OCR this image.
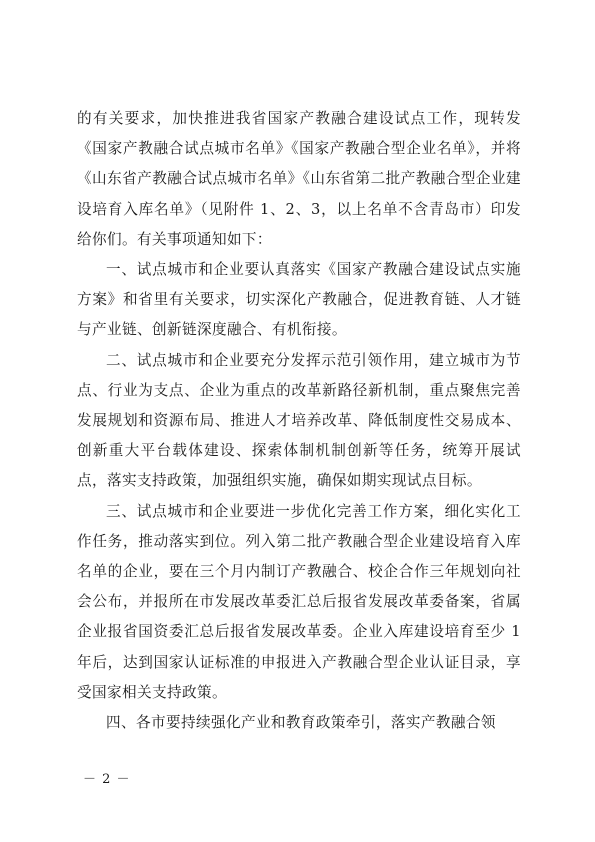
的有关要求，加快推进我省国家产教融合建设试点工作，现转发《国家产教融合试点城市名单》《国家产教融合型企业名单》，并将《山东省产教融合试点城市名单》《山东省第二批产教融合型企业建设培育入库名单》（见附件 1、2、3，以上名单不含青岛市）印发给你们。有关事项通知如下：

一、试点城市和企业要认真落实《国家产教融合建设试点实施方案》和省里有关要求，切实深化产教融合，促进教育链、人才链与产业链、创新链深度融合、有机衔接。

二、试点城市和企业要充分发挥示范引领作用，建立城市为节点、行业为支点、企业为重点的改革新路径新机制，重点聚焦完善发展规划和资源布局、推进人才培养改革、降低制度性交易成本、创新重大平台载体建设、探索体制机制创新等任务，统筹开展试点，落实支持政策，加强组织实施，确保如期实现试点目标。

三、试点城市和企业要进一步优化完善工作方案，细化实化工作任务，推动落实到位。列入第二批产教融合型企业建设培育入库名单的企业，要在三个月内制订产教融合、校企合作三年规划向社会公布，并报所在市发展改革委汇总后报省发展改革委备案，省属企业报省国资委汇总后报省发展改革委。企业入库建设培育至少 1 年后，达到国家认证标准的申报进入产教融合型企业认证目录，享受国家相关支持政策。

四、各市要持续强化产业和教育政策牵引，落实产教融合领

－ 2 －
